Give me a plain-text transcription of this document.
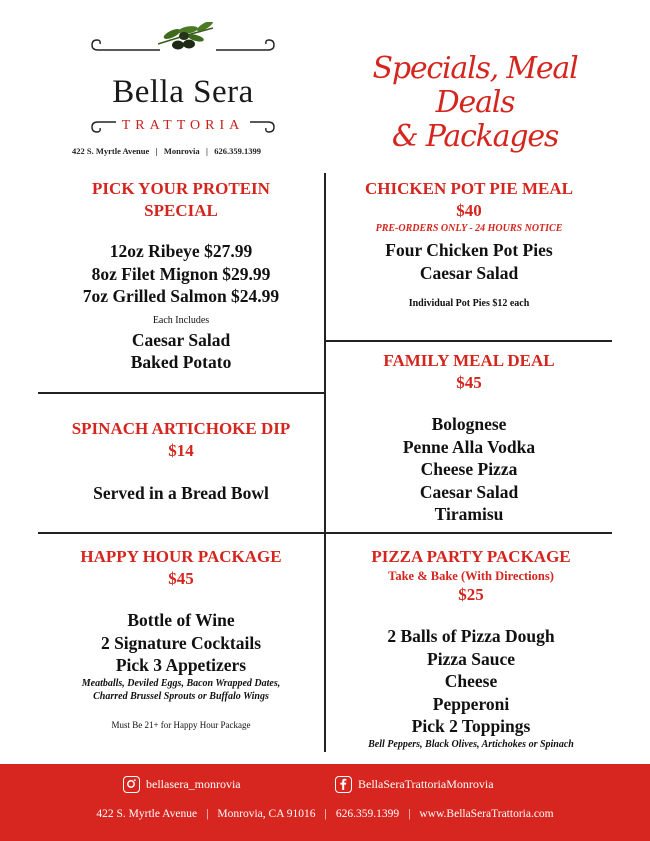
Bella Sera
TRATTORIA
422 S. Myrtle Avenue   |   Monrovia   |   626.359.1399
Specials, Meal Deals
& Packages
PICK YOUR PROTEIN
SPECIAL
12oz Ribeye $27.99
8oz Filet Mignon $29.99
7oz Grilled Salmon $24.99
Each Includes
Caesar Salad
Baked Potato
CHICKEN POT PIE MEAL
$40
PRE-ORDERS ONLY - 24 HOURS NOTICE
Four Chicken Pot Pies
Caesar Salad
Individual Pot Pies $12 each
SPINACH ARTICHOKE DIP
$14
Served in a Bread Bowl
FAMILY MEAL DEAL
$45
Bolognese
Penne Alla Vodka
Cheese Pizza
Caesar Salad
Tiramisu
HAPPY HOUR PACKAGE
$45
Bottle of Wine
2 Signature Cocktails
Pick 3 Appetizers
Meatballs, Deviled Eggs, Bacon Wrapped Dates,
Charred Brussel Sprouts or Buffalo Wings
Must Be 21+ for Happy Hour Package
PIZZA PARTY PACKAGE
Take & Bake (With Directions)
$25
2 Balls of Pizza Dough
Pizza Sauce
Cheese
Pepperoni
Pick 2 Toppings
Bell Peppers, Black Olives, Artichokes or Spinach
bellasera_monrovia	BellaSeraTrattoriaMonrovia
422 S. Myrtle Avenue | Monrovia, CA 91016 | 626.359.1399 | www.BellaSeraTrattoria.com
